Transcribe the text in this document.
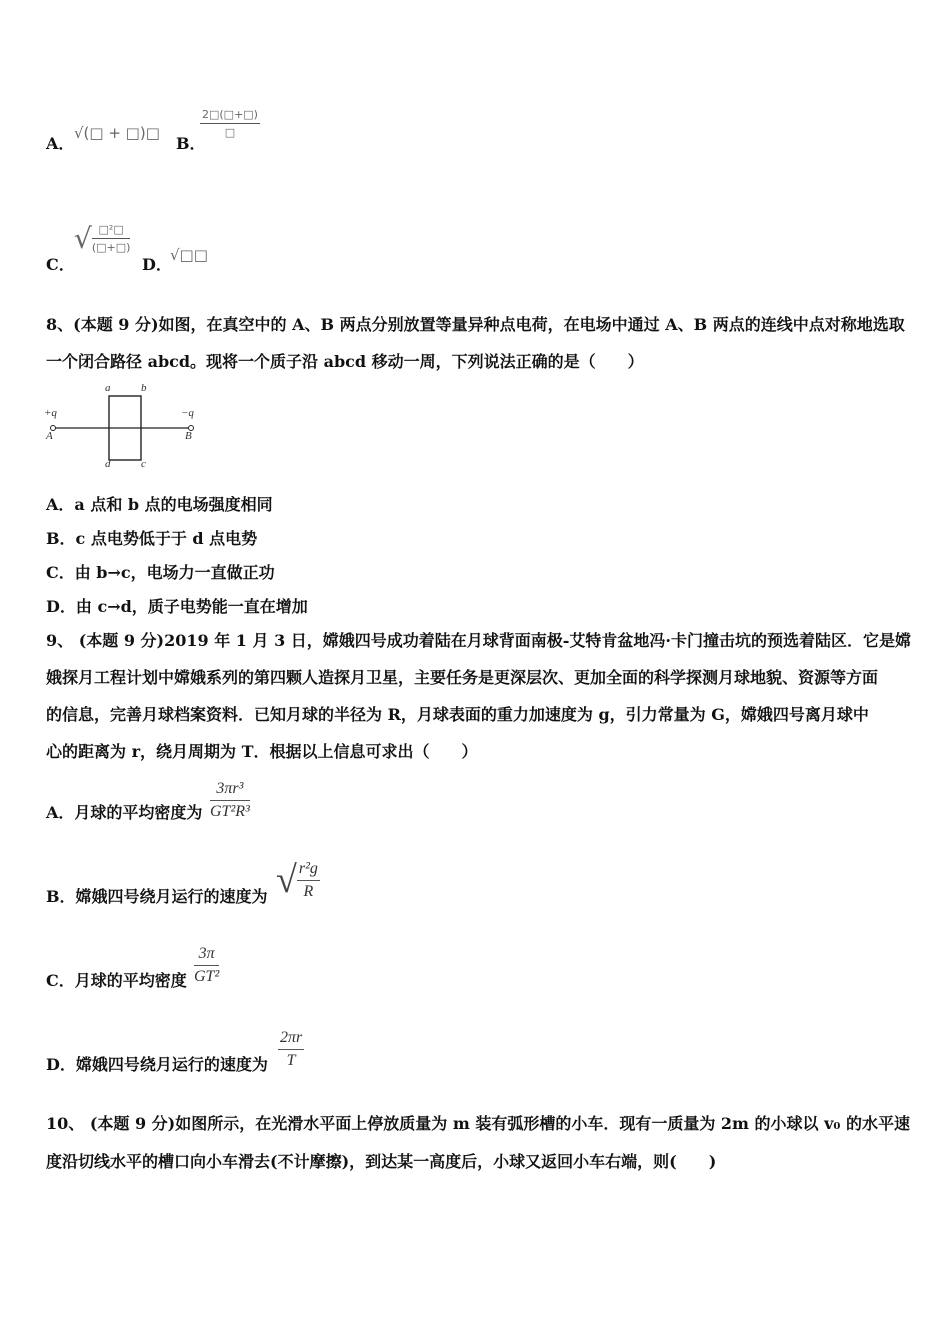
A．
√(□ + □)□
B．
2□(□+□)
□
C．
√ $\frac{\text{□²□}}{(□+□)}$
D．
√□□
8、(本题 9 分)如图，在真空中的 A、B 两点分别放置等量异种点电荷，在电场中通过 A、B 两点的连线中点对称地选取
一个闭合路径 abcd。现将一个质子沿 abcd 移动一周，下列说法正确的是（　　）
+q
A
−q
B
a	b
d	c
A．a 点和 b 点的电场强度相同
B．c 点电势低于于 d 点电势
C．由 b→c，电场力一直做正功
D．由 c→d，质子电势能一直在增加
9、 (本题 9 分)2019 年 1 月 3 日，嫦娥四号成功着陆在月球背面南极-艾特肯盆地冯·卡门撞击坑的预选着陆区．它是嫦
娥探月工程计划中嫦娥系列的第四颗人造探月卫星，主要任务是更深层次、更加全面的科学探测月球地貌、资源等方面
的信息，完善月球档案资料．已知月球的半径为 R，月球表面的重力加速度为 g，引力常量为 G，嫦娥四号离月球中
心的距离为 r，绕月周期为 T．根据以上信息可求出（　　）
A．月球的平均密度为 $\frac{\text{3πr³}}{\text{GT²R³}}$
B．嫦娥四号绕月运行的速度为 √ $\frac{\text{r²g}}{R}$
C．月球的平均密度 $\frac{3\pi}{\text{GT²}}$
D．嫦娥四号绕月运行的速度为 $\frac{2\pi r}{T}$
10、 (本题 9 分)如图所示，在光滑水平面上停放质量为 m 装有弧形槽的小车．现有一质量为 2m 的小球以 v₀ 的水平速
度沿切线水平的槽口向小车滑去(不计摩擦)，到达某一高度后，小球又返回小车右端，则(　　)
